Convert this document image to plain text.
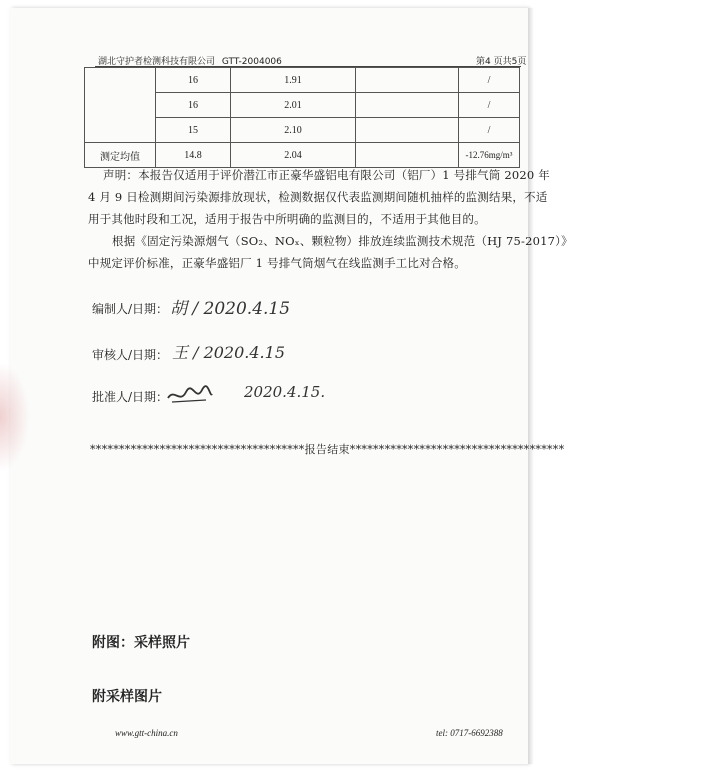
湖北守护者检测科技有限公司 GTT-2004006	第4 页共5页
	16	1.91		/
	16	2.01		/
	15	2.10		/
测定均值	14.8	2.04		-12.76mg/m³
声明：本报告仅适用于评价潜江市正豪华盛铝电有限公司（铝厂）1 号排气筒 2020 年
4 月 9 日检测期间污染源排放现状，检测数据仅代表监测期间随机抽样的监测结果，不适
用于其他时段和工况，适用于报告中所明确的监测目的，不适用于其他目的。
根据《固定污染源烟气（SO₂、NOₓ、颗粒物）排放连续监测技术规范（HJ 75-2017）》
中规定评价标准，正豪华盛铝厂 1 号排气筒烟气在线监测手工比对合格。
编制人/日期： 胡 / 2020.4.15
审核人/日期： 王 / 2020.4.15
批准人/日期：	2020.4.15.
*************************************报告结束*************************************
附图：采样照片
附采样图片
www.gtt-china.cn	tel: 0717-6692388
